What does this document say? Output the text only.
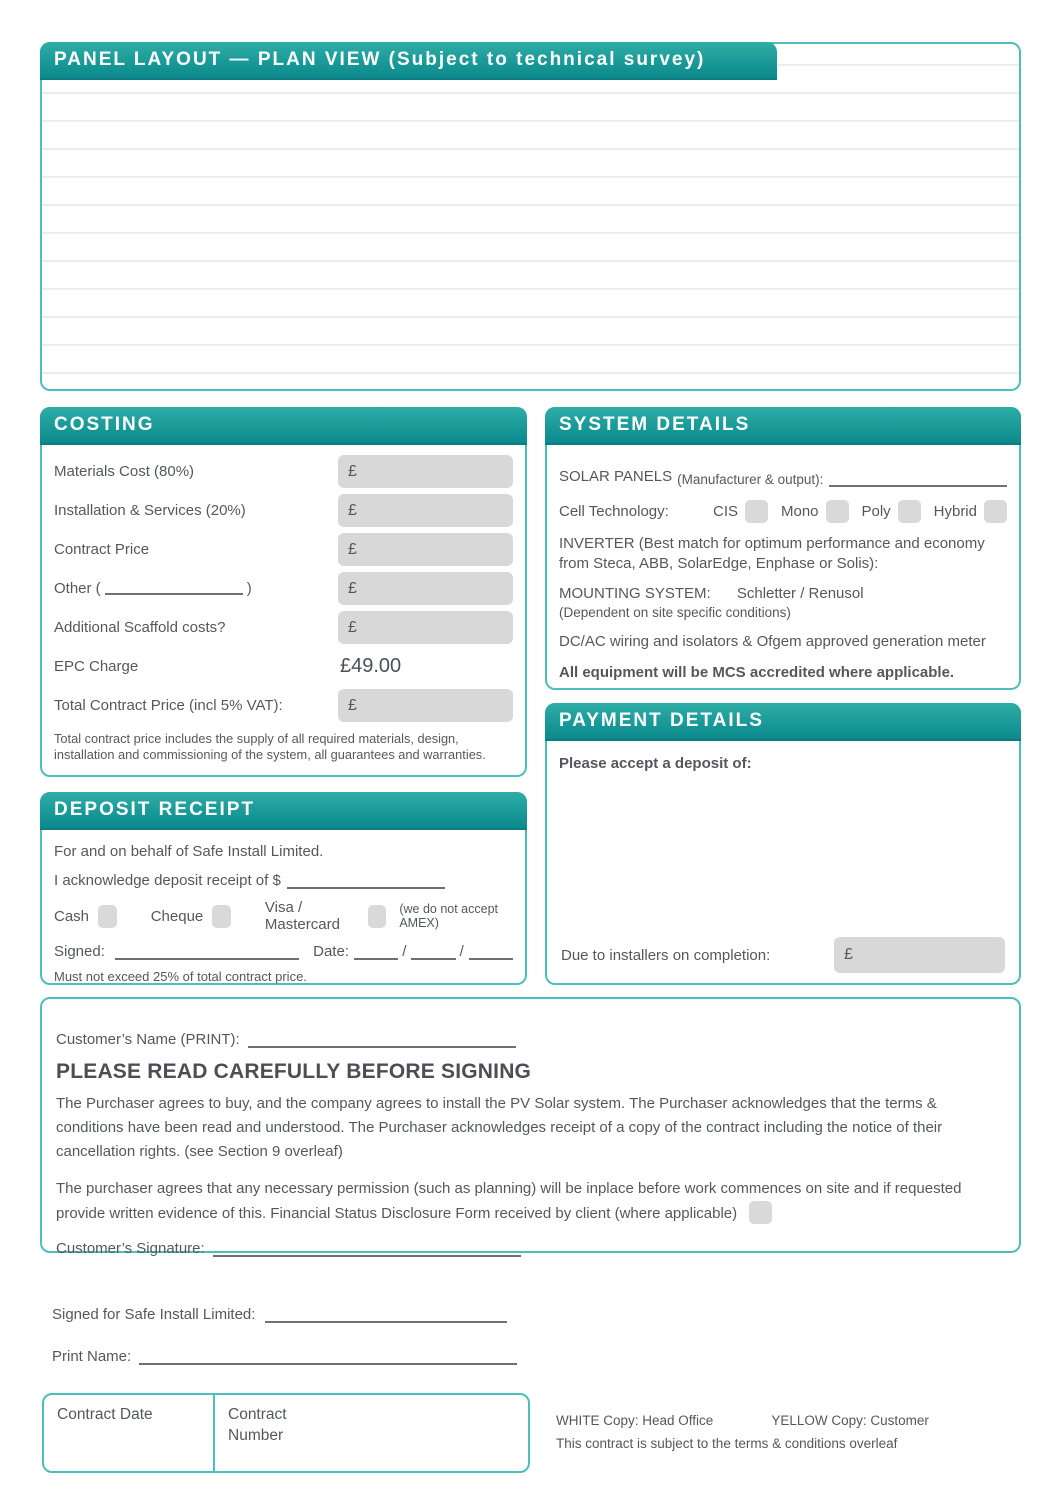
PANEL LAYOUT — PLAN VIEW (Subject to technical survey)
COSTING
Materials Cost (80%)	£
Installation & Services (20%)	£
Contract Price	£
Other (	)	£
Additional Scaffold costs?	£
EPC Charge	£49.00
Total Contract Price (incl 5% VAT):	£
Total contract price includes the supply of all required materials, design, installation and commissioning of the system, all guarantees and warranties.
SYSTEM DETAILS
SOLAR PANELS (Manufacturer & output):
Cell Technology:	CIS	Mono	Poly	Hybrid
INVERTER (Best match for optimum performance and economy from Steca, ABB, SolarEdge, Enphase or Solis):
MOUNTING SYSTEM: Schletter / Renusol
(Dependent on site specific conditions)
DC/AC wiring and isolators & Ofgem approved generation meter
All equipment will be MCS accredited where applicable.
PAYMENT DETAILS
Please accept a deposit of:
Due to installers on completion:	£
DEPOSIT RECEIPT
For and on behalf of Safe Install Limited.
I acknowledge deposit receipt of $
Cash	Cheque	Visa / Mastercard
(we do not accept AMEX)
Signed:	Date:	/	/
Must not exceed 25% of total contract price.
Customer’s Name (PRINT):
PLEASE READ CAREFULLY BEFORE SIGNING
The Purchaser agrees to buy, and the company agrees to install the PV Solar system. The Purchaser acknowledges that the terms & conditions have been read and understood. The Purchaser acknowledges receipt of a copy of the contract including the notice of their cancellation rights. (see Section 9 overleaf)
The purchaser agrees that any necessary permission (such as planning) will be inplace before work commences on site and if requested provide written evidence of this. Financial Status Disclosure Form received by client (where applicable)
Customer’s Signature:
Signed for Safe Install Limited:
Print Name:
Contract Date	Contract Number
WHITE Copy: Head Office	YELLOW Copy: Customer
This contract is subject to the terms & conditions overleaf
